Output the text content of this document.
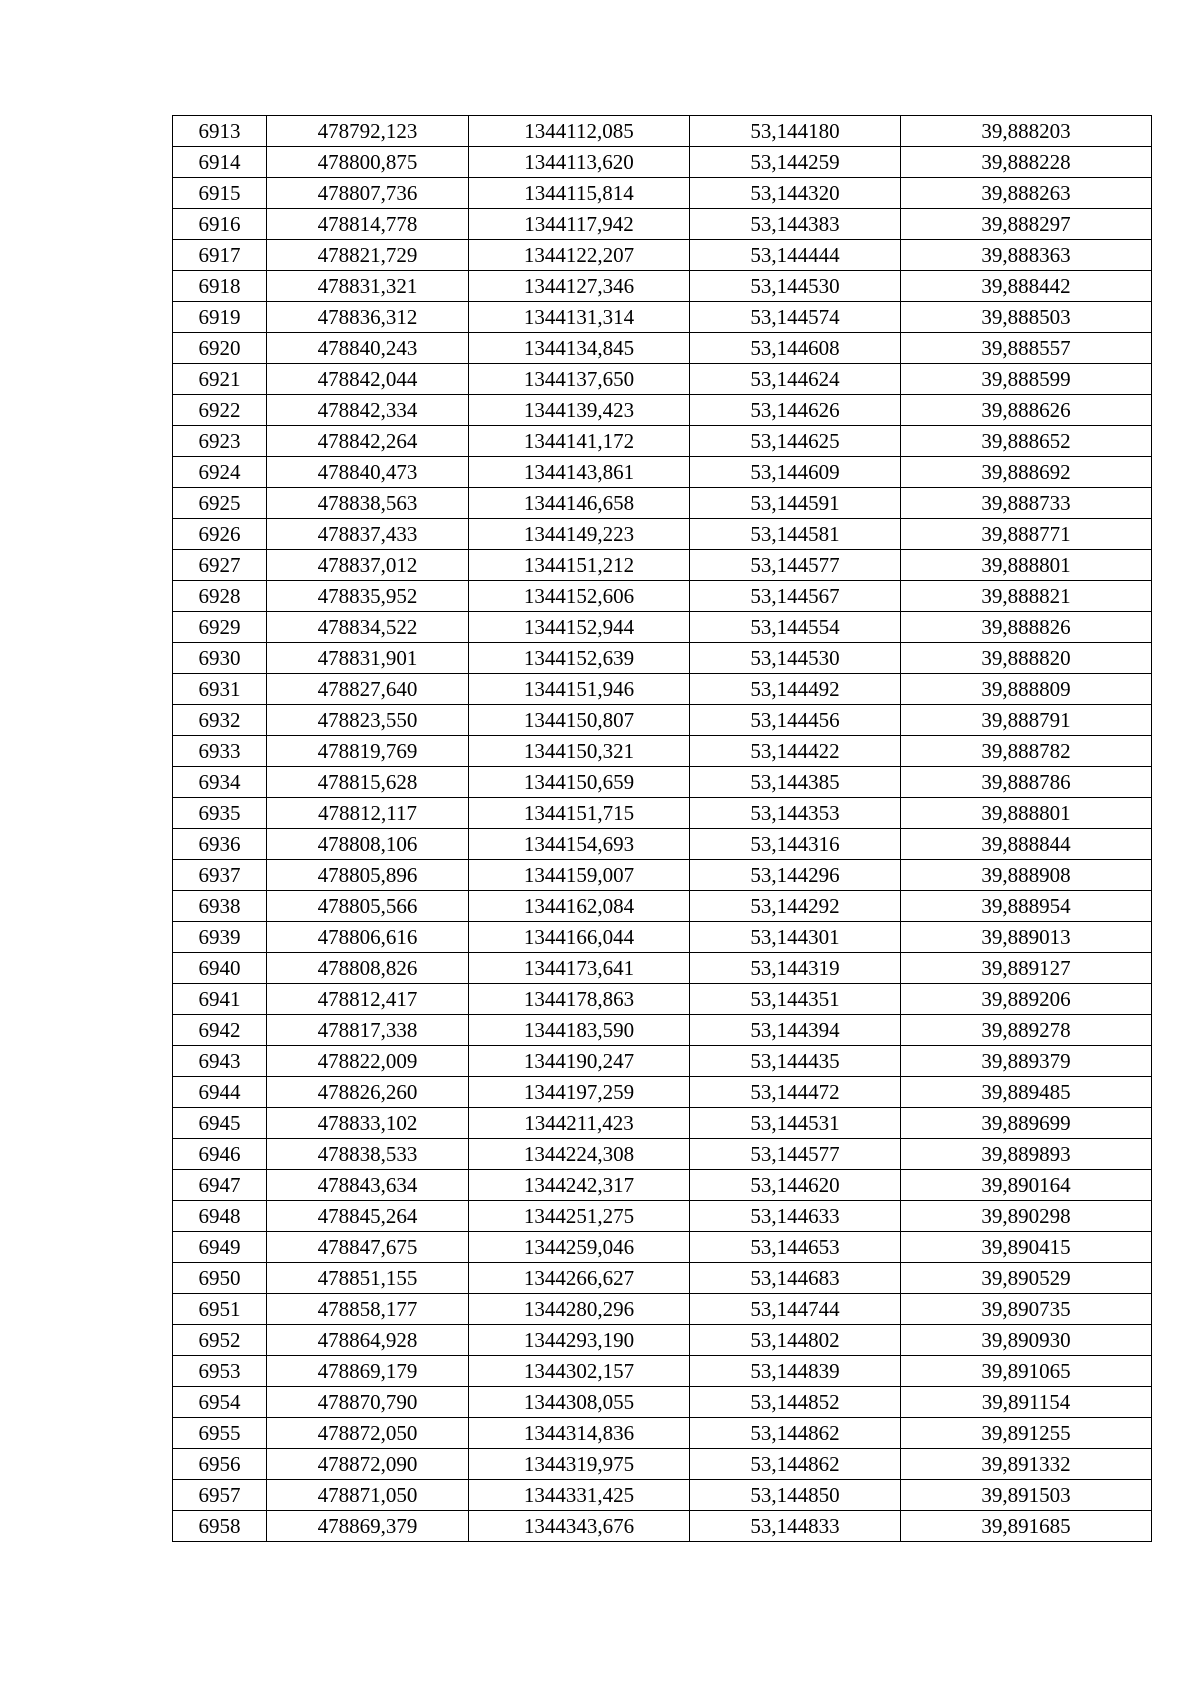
6913	478792,123	1344112,085	53,144180	39,888203
6914	478800,875	1344113,620	53,144259	39,888228
6915	478807,736	1344115,814	53,144320	39,888263
6916	478814,778	1344117,942	53,144383	39,888297
6917	478821,729	1344122,207	53,144444	39,888363
6918	478831,321	1344127,346	53,144530	39,888442
6919	478836,312	1344131,314	53,144574	39,888503
6920	478840,243	1344134,845	53,144608	39,888557
6921	478842,044	1344137,650	53,144624	39,888599
6922	478842,334	1344139,423	53,144626	39,888626
6923	478842,264	1344141,172	53,144625	39,888652
6924	478840,473	1344143,861	53,144609	39,888692
6925	478838,563	1344146,658	53,144591	39,888733
6926	478837,433	1344149,223	53,144581	39,888771
6927	478837,012	1344151,212	53,144577	39,888801
6928	478835,952	1344152,606	53,144567	39,888821
6929	478834,522	1344152,944	53,144554	39,888826
6930	478831,901	1344152,639	53,144530	39,888820
6931	478827,640	1344151,946	53,144492	39,888809
6932	478823,550	1344150,807	53,144456	39,888791
6933	478819,769	1344150,321	53,144422	39,888782
6934	478815,628	1344150,659	53,144385	39,888786
6935	478812,117	1344151,715	53,144353	39,888801
6936	478808,106	1344154,693	53,144316	39,888844
6937	478805,896	1344159,007	53,144296	39,888908
6938	478805,566	1344162,084	53,144292	39,888954
6939	478806,616	1344166,044	53,144301	39,889013
6940	478808,826	1344173,641	53,144319	39,889127
6941	478812,417	1344178,863	53,144351	39,889206
6942	478817,338	1344183,590	53,144394	39,889278
6943	478822,009	1344190,247	53,144435	39,889379
6944	478826,260	1344197,259	53,144472	39,889485
6945	478833,102	1344211,423	53,144531	39,889699
6946	478838,533	1344224,308	53,144577	39,889893
6947	478843,634	1344242,317	53,144620	39,890164
6948	478845,264	1344251,275	53,144633	39,890298
6949	478847,675	1344259,046	53,144653	39,890415
6950	478851,155	1344266,627	53,144683	39,890529
6951	478858,177	1344280,296	53,144744	39,890735
6952	478864,928	1344293,190	53,144802	39,890930
6953	478869,179	1344302,157	53,144839	39,891065
6954	478870,790	1344308,055	53,144852	39,891154
6955	478872,050	1344314,836	53,144862	39,891255
6956	478872,090	1344319,975	53,144862	39,891332
6957	478871,050	1344331,425	53,144850	39,891503
6958	478869,379	1344343,676	53,144833	39,891685
